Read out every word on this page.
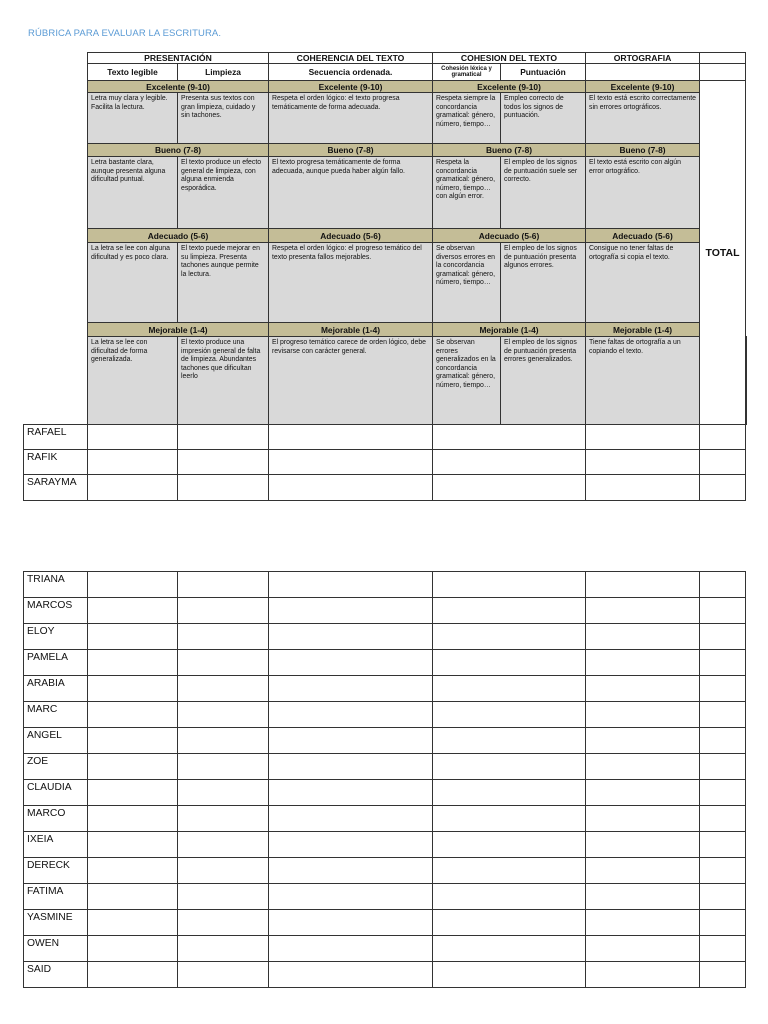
RÚBRICA PARA EVALUAR LA ESCRITURA.
	PRESENTACIÓN		COHERENCIA DEL TEXTO	COHESION DEL TEXTO		ORTOGRAFIA		
	Texto legible	Limpieza	Secuencia ordenada.	Cohesión léxica y gramatical	Puntuación			
	Excelente (9-10)		Excelente (9-10)	Excelente (9-10)		Excelente (9-10)	TOTAL	
	Letra muy clara y legible. Facilita la lectura.	Presenta sus textos con gran limpieza, cuidado y sin tachones.	Respeta el orden lógico: el texto progresa temáticamente de forma adecuada.	Respeta siempre la concordancia gramatical: género, número, tiempo…	Empleo correcto de todos los signos de puntuación.	El texto está escrito correctamente sin errores ortográficos.		
	Bueno (7-8)		Bueno (7-8)	Bueno (7-8)		Bueno (7-8)		
	Letra bastante clara, aunque presenta alguna dificultad puntual.	El texto produce un efecto general de limpieza, con alguna enmienda esporádica.	El texto progresa temáticamente de forma adecuada, aunque pueda haber algún fallo.	Respeta la concordancia gramatical: género, número, tiempo…con algún error.	El empleo de los signos de puntuación suele ser correcto.	El texto está escrito con algún error ortográfico.		
	Adecuado (5-6)		Adecuado (5-6)	Adecuado (5-6)		Adecuado (5-6)		
	La letra se lee con alguna dificultad y es poco clara.	El texto puede mejorar en su limpieza. Presenta tachones aunque permite la lectura.	Respeta el orden lógico: el progreso temático del texto presenta fallos mejorables.	Se observan diversos errores en la concordancia gramatical: género, número, tiempo…	El empleo de los signos de puntuación presenta algunos errores.	Consigue no tener faltas de ortografía si copia el texto.		
	Mejorable (1-4)		Mejorable (1-4)	Mejorable (1-4)		Mejorable (1-4)		
	La letra se lee con dificultad de forma generalizada.	El texto produce una impresión general de falta de limpieza. Abundantes tachones que dificultan leerlo	El progreso temático carece de orden lógico, debe revisarse con carácter general.	Se observan errores generalizados en la concordancia gramatical: género, número, tiempo…	El empleo de los signos de puntuación presenta errores generalizados.	Tiene faltas de ortografía a un copiando el texto.		
RAFAEL								
RAFIK								
SARAYMA								
TRIANA						
MARCOS						
ELOY						
PAMELA						
ARABIA						
MARC						
ANGEL						
ZOE						
CLAUDIA						
MARCO						
IXEIA						
DERECK						
FATIMA						
YASMINE						
OWEN						
SAID						
